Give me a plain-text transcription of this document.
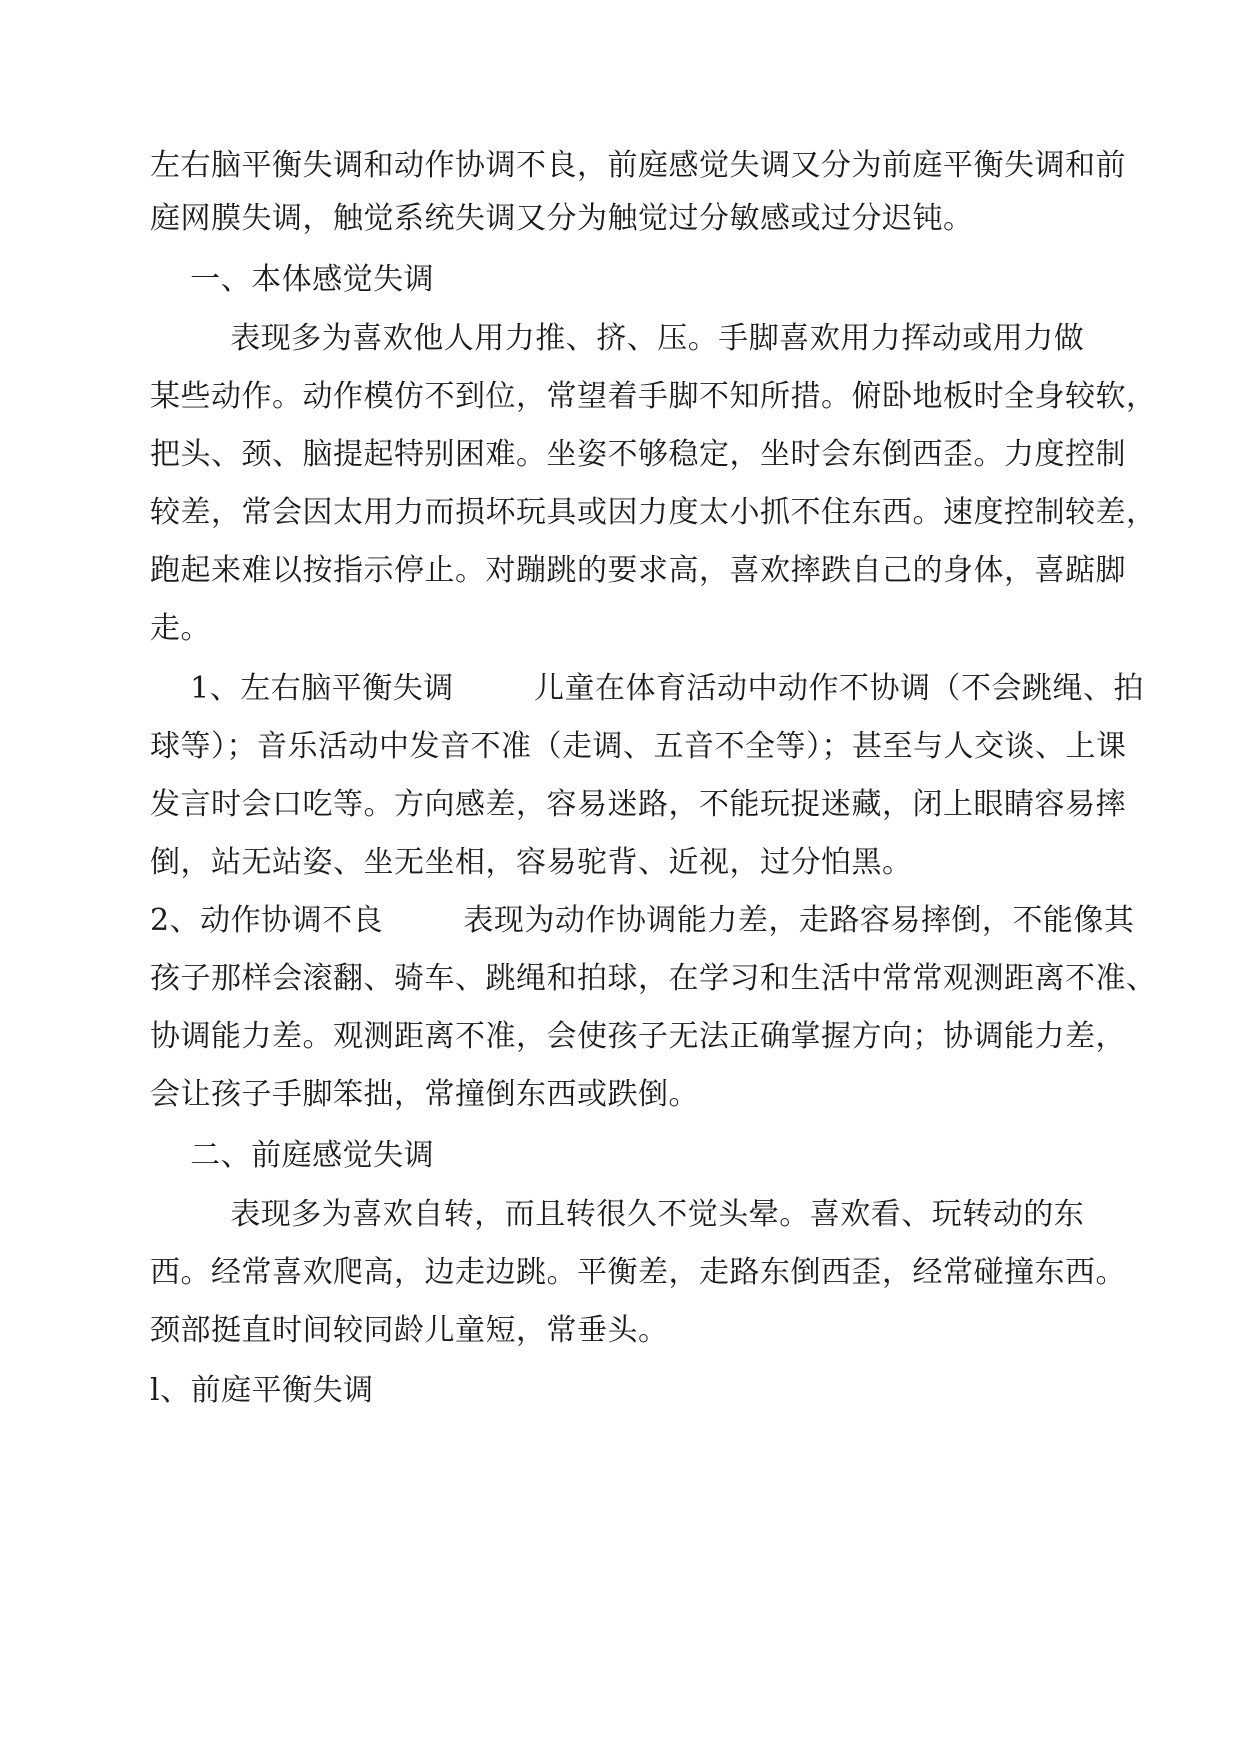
左右脑平衡失调和动作协调不良，前庭感觉失调又分为前庭平衡失调和前
庭网膜失调，触觉系统失调又分为触觉过分敏感或过分迟钝。
一、本体感觉失调
表现多为喜欢他人用力推、挤、压。手脚喜欢用力挥动或用力做
某些动作。动作模仿不到位，常望着手脚不知所措。俯卧地板时全身较软，
把头、颈、脑提起特别困难。坐姿不够稳定，坐时会东倒西歪。力度控制
较差，常会因太用力而损坏玩具或因力度太小抓不住东西。速度控制较差，
跑起来难以按指示停止。对蹦跳的要求高，喜欢摔跌自己的身体，喜踮脚
走。
1、左右脑平衡失调        儿童在体育活动中动作不协调（不会跳绳、拍
球等）；音乐活动中发音不准（走调、五音不全等）；甚至与人交谈、上课
发言时会口吃等。方向感差，容易迷路，不能玩捉迷藏，闭上眼睛容易摔
倒，站无站姿、坐无坐相，容易驼背、近视，过分怕黑。
2、动作协调不良        表现为动作协调能力差，走路容易摔倒，不能像其
孩子那样会滚翻、骑车、跳绳和拍球，在学习和生活中常常观测距离不准、
协调能力差。观测距离不准，会使孩子无法正确掌握方向；协调能力差，
会让孩子手脚笨拙，常撞倒东西或跌倒。
二、前庭感觉失调
表现多为喜欢自转，而且转很久不觉头晕。喜欢看、玩转动的东
西。经常喜欢爬高，边走边跳。平衡差，走路东倒西歪，经常碰撞东西。
颈部挺直时间较同龄儿童短，常垂头。
l、前庭平衡失调
